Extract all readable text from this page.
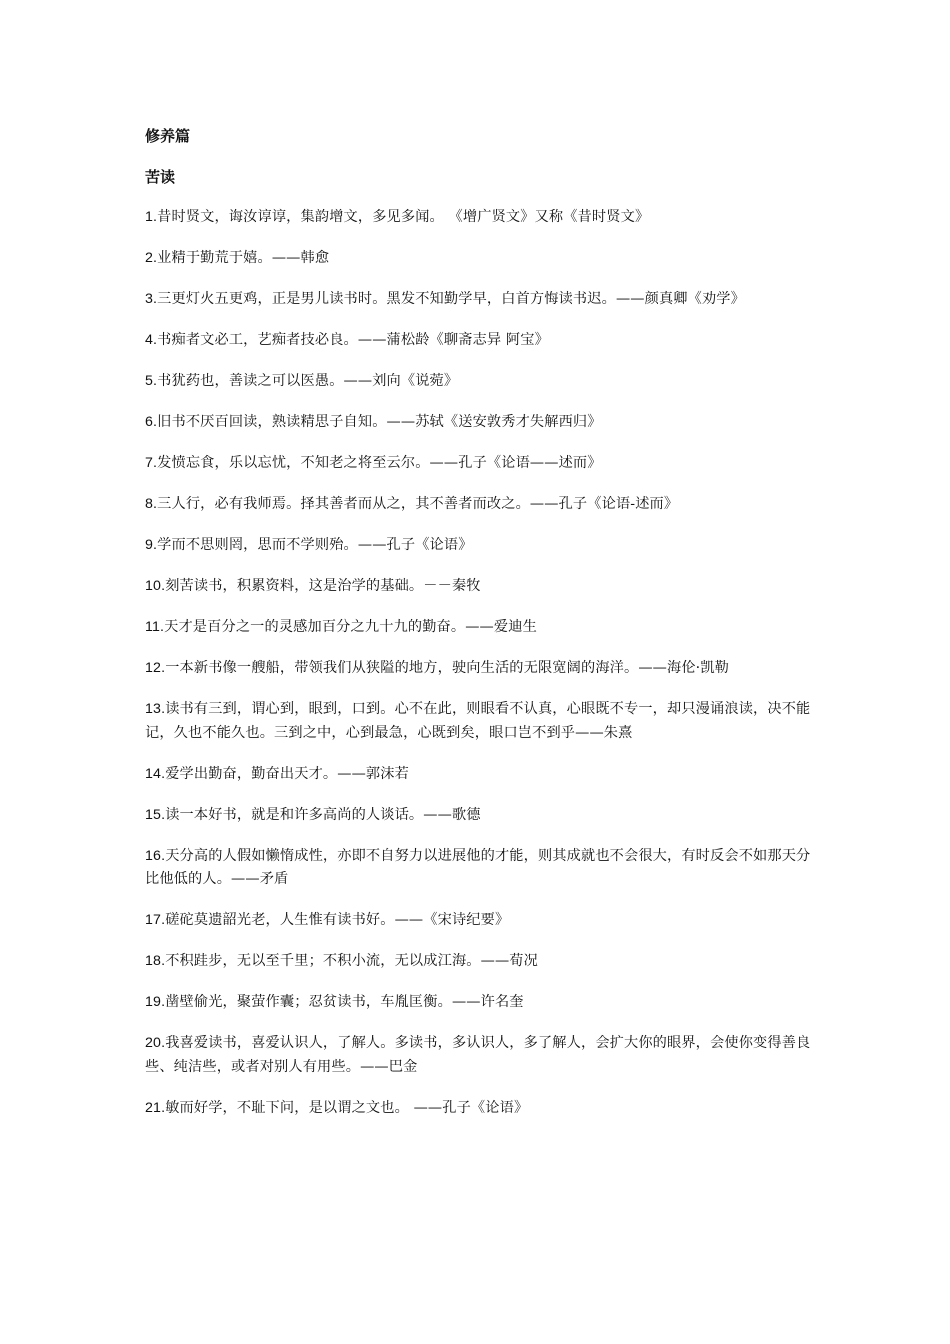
修养篇
苦读

1.昔时贤文，诲汝谆谆，集韵增文，多见多闻。 《增广贤文》又称《昔时贤文》

2.业精于勤荒于嬉。——韩愈

3.三更灯火五更鸡，正是男儿读书时。黑发不知勤学早，白首方悔读书迟。——颜真卿《劝学》

4.书痴者文必工，艺痴者技必良。——蒲松龄《聊斋志异 阿宝》

5.书犹药也，善读之可以医愚。——刘向《说菀》

6.旧书不厌百回读，熟读精思子自知。——苏轼《送安敦秀才失解西归》

7.发愤忘食，乐以忘忧，不知老之将至云尔。——孔子《论语——述而》

8.三人行，必有我师焉。择其善者而从之，其不善者而改之。——孔子《论语-述而》

9.学而不思则罔，思而不学则殆。——孔子《论语》

10.刻苦读书，积累资料，这是治学的基础。－－秦牧

11.天才是百分之一的灵感加百分之九十九的勤奋。——爱迪生

12.一本新书像一艘船，带领我们从狭隘的地方，驶向生活的无限宽阔的海洋。——海伦·凯勒

13.读书有三到，谓心到，眼到，口到。心不在此，则眼看不认真，心眼既不专一，却只漫诵浪读，决不能记，久也不能久也。三到之中，心到最急，心既到矣，眼口岂不到乎——朱熹

14.爱学出勤奋，勤奋出天才。——郭沫若

15.读一本好书，就是和许多高尚的人谈话。——歌德

16.天分高的人假如懒惰成性，亦即不自努力以进展他的才能，则其成就也不会很大，有时反会不如那天分比他低的人。——矛盾

17.磋砣莫遗韶光老，人生惟有读书好。——《宋诗纪要》

18.不积跬步，无以至千里；不积小流，无以成江海。——荀况

19.凿壁偷光，聚萤作囊；忍贫读书，车胤匡衡。——许名奎

20.我喜爱读书，喜爱认识人，了解人。多读书，多认识人，多了解人，会扩大你的眼界，会使你变得善良些、纯洁些，或者对别人有用些。——巴金

21.敏而好学，不耻下问，是以谓之文也。 ——孔子《论语》
